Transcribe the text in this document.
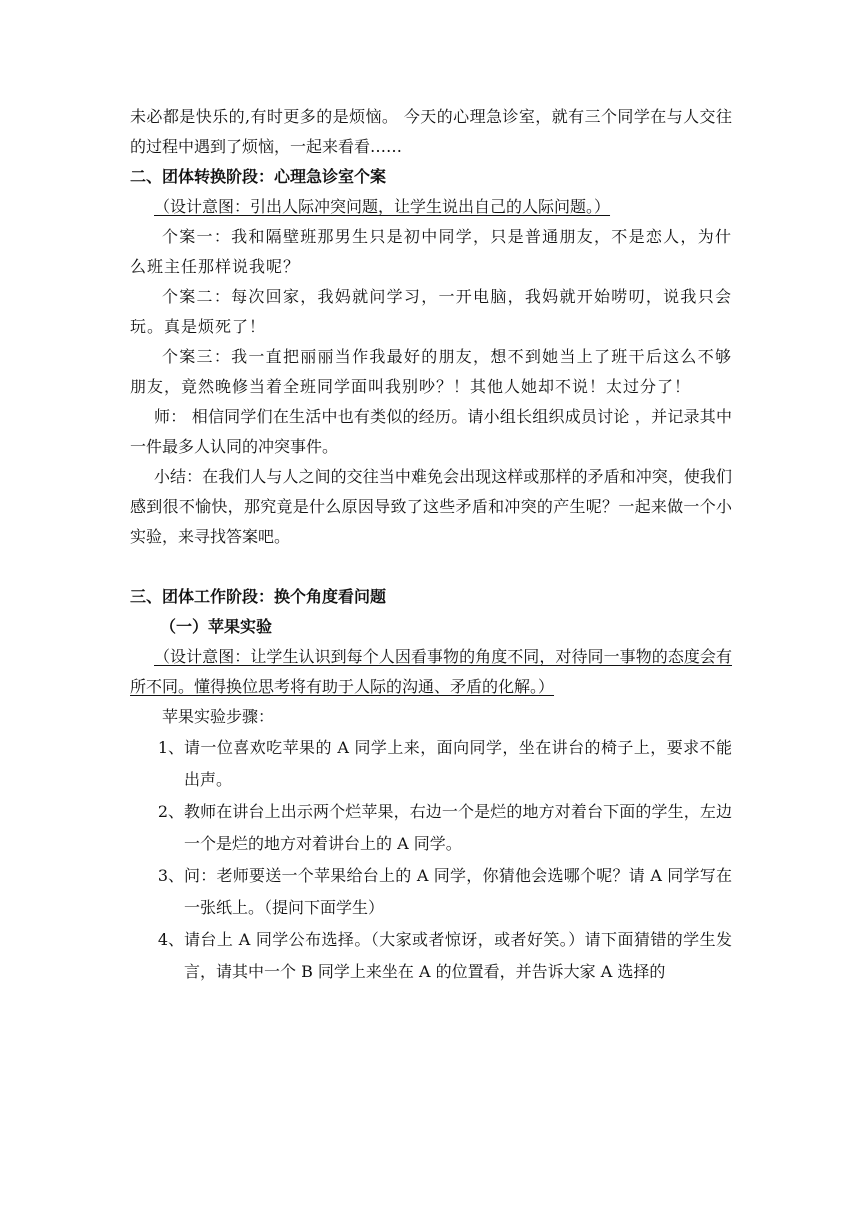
未必都是快乐的,有时更多的是烦恼。 今天的心理急诊室，就有三个同学在与人交往的过程中遇到了烦恼，一起来看看……

二、团体转换阶段：心理急诊室个案

（设计意图：引出人际冲突问题，让学生说出自己的人际问题。）

个案一：我和隔壁班那男生只是初中同学，只是普通朋友，不是恋人，为什么班主任那样说我呢？

个案二：每次回家，我妈就问学习，一开电脑，我妈就开始唠叨，说我只会玩。真是烦死了！

个案三：我一直把丽丽当作我最好的朋友，想不到她当上了班干后这么不够朋友，竟然晚修当着全班同学面叫我别吵？！其他人她却不说！太过分了！

师： 相信同学们在生活中也有类似的经历。请小组长组织成员讨论 ，并记录其中一件最多人认同的冲突事件。

小结：在我们人与人之间的交往当中难免会出现这样或那样的矛盾和冲突，使我们感到很不愉快，那究竟是什么原因导致了这些矛盾和冲突的产生呢？一起来做一个小实验，来寻找答案吧。

三、团体工作阶段：换个角度看问题

（一）苹果实验

（设计意图：让学生认识到每个人因看事物的角度不同，对待同一事物的态度会有所不同。懂得换位思考将有助于人际的沟通、矛盾的化解。）

苹果实验步骤：

1、 请一位喜欢吃苹果的 A 同学上来，面向同学，坐在讲台的椅子上，要求不能出声。
2、 教师在讲台上出示两个烂苹果，右边一个是烂的地方对着台下面的学生，左边一个是烂的地方对着讲台上的 A 同学。
3、 问：老师要送一个苹果给台上的 A 同学，你猜他会选哪个呢？请 A 同学写在一张纸上。（提问下面学生）
4、 请台上 A 同学公布选择。（大家或者惊讶，或者好笑。）请下面猜错的学生发言，请其中一个 B 同学上来坐在 A 的位置看，并告诉大家 A 选择的
